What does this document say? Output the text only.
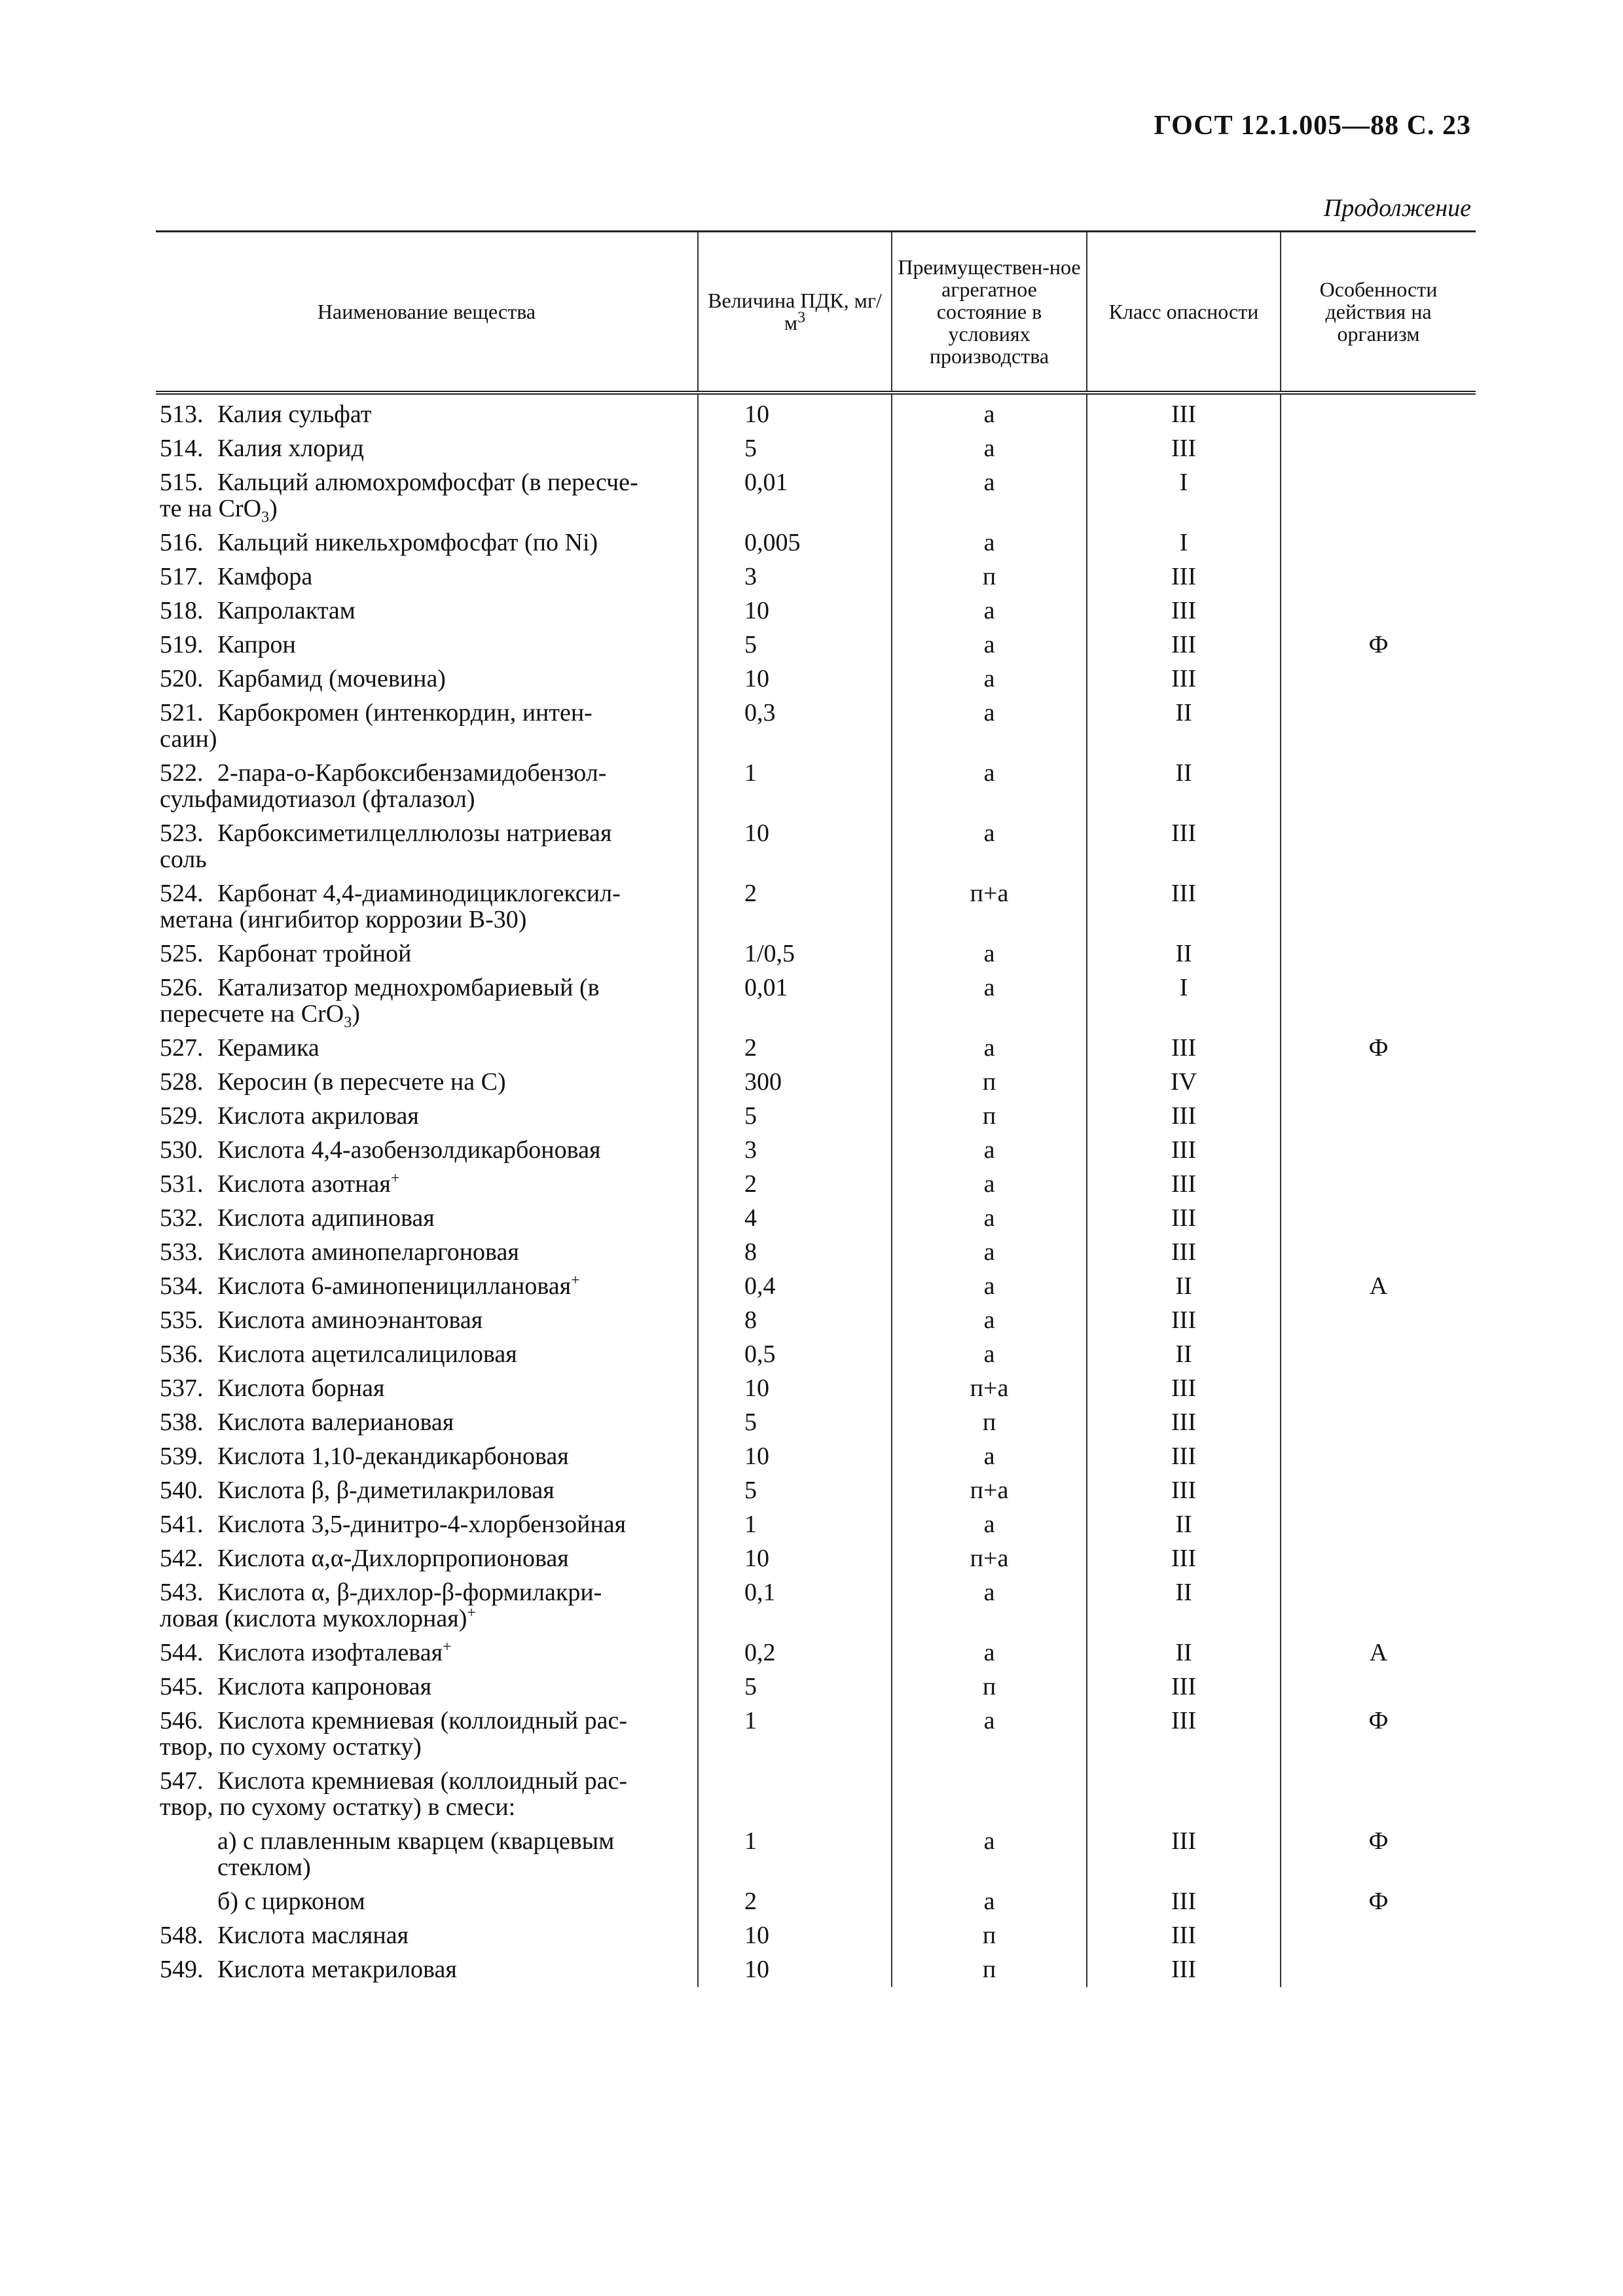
ГОСТ 12.1.005—88 С. 23
Продолжение
Наименование вещества	Величина ПДК, $мг/м^3$	Преимуществен-ное агрегатное состояние в условиях производства	Класс опасности	Особенности действия на организм
513. Калия сульфат	10	а	III	
514. Калия хлорид	5	а	III	
515. Кальций алюмохромфосфат (в пересче-
те на CrO$_3$)	0,01	а	I	
516. Кальций никельхромфосфат (по Ni)	0,005	а	I	
517. Камфора	3	п	III	
518. Капролактам	10	а	III	
519. Капрон	5	а	III	Ф
520. Карбамид (мочевина)	10	а	III	
521. Карбокромен (интенкордин, интен-
саин)	0,3	а	II	
522. 2-пара-о-Карбоксибензамидобензол-
сульфамидотиазол (фталазол)	1	а	II	
523. Карбоксиметилцеллюлозы натриевая
соль	10	а	III	
524. Карбонат 4,4-диаминодициклогексил-
метана (ингибитор коррозии В-30)	2	п+а	III	
525. Карбонат тройной	1/0,5	а	II	
526. Катализатор меднохромбариевый (в
пересчете на CrO$_3$)	0,01	а	I	
527. Керамика	2	а	III	Ф
528. Керосин (в пересчете на С)	300	п	IV	
529. Кислота акриловая	5	п	III	
530. Кислота 4,4-азобензолдикарбоновая	3	а	III	
531. Кислота азотная+	2	а	III	
532. Кислота адипиновая	4	а	III	
533. Кислота аминопеларгоновая	8	а	III	
534. Кислота 6-аминопенициллановая+	0,4	а	II	А
535. Кислота аминоэнантовая	8	а	III	
536. Кислота ацетилсалициловая	0,5	а	II	
537. Кислота борная	10	п+а	III	
538. Кислота валериановая	5	п	III	
539. Кислота 1,10-декандикарбоновая	10	а	III	
540. Кислота β, β-диметилакриловая	5	п+а	III	
541. Кислота 3,5-динитро-4-хлорбензойная	1	а	II	
542. Кислота α,α-Дихлорпропионовая	10	п+а	III	
543. Кислота α, β-дихлор-β-формилакри-
ловая (кислота мукохлорная)+	0,1	а	II	
544. Кислота изофталевая+	0,2	а	II	А
545. Кислота капроновая	5	п	III	
546. Кислота кремниевая (коллоидный рас-
твор, по сухому остатку)	1	а	III	Ф
547. Кислота кремниевая (коллоидный рас-
твор, по сухому остатку) в смеси:				

а) с плавленным кварцем (кварцевым
стеклом)	1	а	III	Ф
б) с цирконом	2	а	III	Ф
548. Кислота масляная	10	п	III	
549. Кислота метакриловая	10	п	III	
